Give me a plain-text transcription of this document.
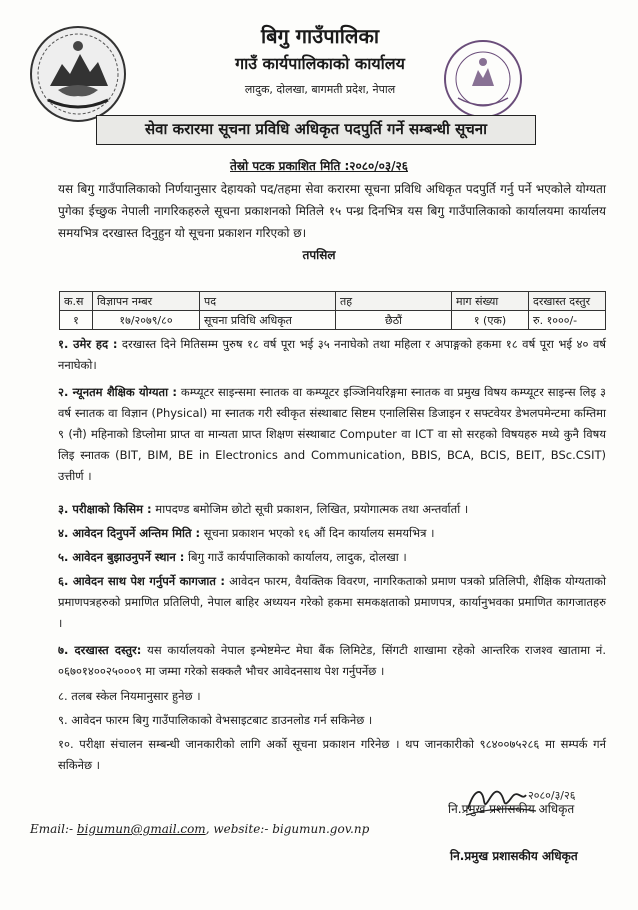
बिगु गाउँपालिका
गाउँ कार्यपालिकाको कार्यालय
लादुक, दोलखा, बागमती प्रदेश, नेपाल
सेवा करारमा सूचना प्रविधि अधिकृत पदपुर्ति गर्ने सम्बन्धी सूचना
तेस्रो पटक प्रकाशित मिति :२०८०/०३/२६
यस बिगु गाउँपालिकाको निर्णयानुसार देहायको पद/तहमा सेवा करारमा सूचना प्रविधि अधिकृत पदपुर्ति गर्नु पर्ने भएकोले योग्यता पुगेका ईच्छुक नेपाली नागरिकहरुले सूचना प्रकाशनको मितिले १५ पन्ध्र दिनभित्र यस बिगु गाउँपालिकाको कार्यालयमा कार्यालय समयभित्र दरखास्त दिनुहुन यो सूचना प्रकाशन गरिएको छ।
तपसिल
क.स	विज्ञापन नम्बर	पद	तह	माग संख्या	दरखास्त दस्तुर
१	१७/२०७९/८०	सूचना प्रविधि अधिकृत	छैठौं	१ (एक)	रु. १०००/-
१. उमेर हद : दरखास्त दिने मितिसम्म पुरुष १८ वर्ष पूरा भई ३५ ननाघेको तथा महिला र अपाङ्गको हकमा १८ वर्ष पूरा भई ४० वर्ष ननाघेको।
२. न्यूनतम शैक्षिक योग्यता : कम्प्यूटर साइन्समा स्नातक वा कम्प्यूटर इञ्जिनियरिङ्गमा स्नातक वा प्रमुख विषय कम्प्यूटर साइन्स लिइ ३ वर्ष स्नातक वा विज्ञान (Physical) मा स्नातक गरी स्वीकृत संस्थाबाट सिष्टम एनालिसिस डिजाइन र सफ्टवेयर डेभलपमेन्टमा कम्तिमा ९ (नौ) महिनाको डिप्लोमा प्राप्त वा मान्यता प्राप्त शिक्षण संस्थाबाट Computer वा ICT वा सो सरहको विषयहरु मध्ये कुनै विषय लिइ स्नातक (BIT, BIM, BE in Electronics and Communication, BBIS, BCA, BCIS, BEIT, BSc.CSIT) उत्तीर्ण ।
३. परीक्षाको किसिम : मापदण्ड बमोजिम छोटो सूची प्रकाशन, लिखित, प्रयोगात्मक तथा अन्तर्वार्ता ।
४. आवेदन दिनुपर्ने अन्तिम मिति : सूचना प्रकाशन भएको १६ औं दिन कार्यालय समयभित्र ।
५. आवेदन बुझाउनुपर्ने स्थान : बिगु गाउँ कार्यपालिकाको कार्यालय, लादुक, दोलखा ।
६. आवेदन साथ पेश गर्नुपर्ने कागजात : आवेदन फारम, वैयक्तिक विवरण, नागरिकताको प्रमाण पत्रको प्रतिलिपी, शैक्षिक योग्यताको प्रमाणपत्रहरुको प्रमाणित प्रतिलिपी, नेपाल बाहिर अध्ययन गरेको हकमा समकक्षताको प्रमाणपत्र, कार्यानुभवका प्रमाणित कागजातहरु ।
७. दरखास्त दस्तुर: यस कार्यालयको नेपाल इन्भेष्टमेन्ट मेघा बैंक लिमिटेड, सिंगटी शाखामा रहेको आन्तरिक राजश्व खातामा नं. ०६७०१४००२५०००९ मा जम्मा गरेको सक्कलै भौचर आवेदनसाथ पेश गर्नुपर्नेछ ।
८. तलब स्केल नियमानुसार हुनेछ ।
९. आवेदन फारम बिगु गाउँपालिकाको वेभसाइटबाट डाउनलोड गर्न सकिनेछ ।
१०. परीक्षा संचालन सम्बन्धी जानकारीको लागि अर्को सूचना प्रकाशन गरिनेछ । थप जानकारीको ९८४००७५२८६ मा सम्पर्क गर्न सकिनेछ ।
२०८०/३/२६
नि.प्रमुख प्रशासकीय अधिकृत
Email:- bigumun@gmail.com, website:- bigumun.gov.np
नि.प्रमुख प्रशासकीय अधिकृत
